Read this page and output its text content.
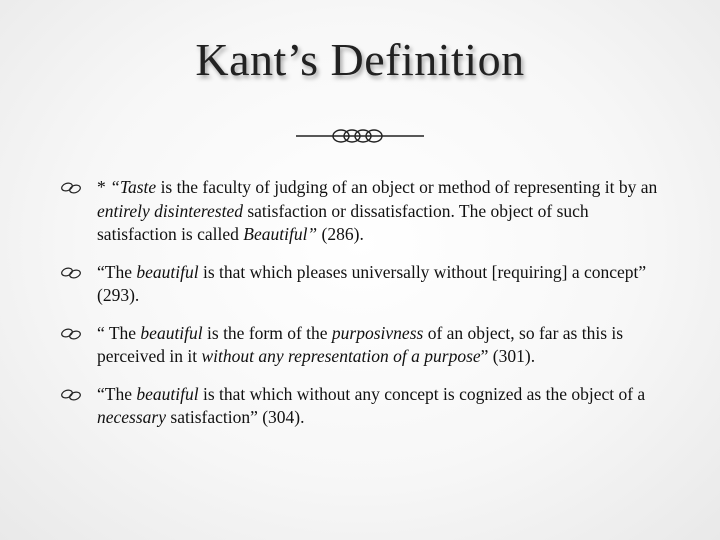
Kant’s Definition
* “Taste is the faculty of judging of an object or method of representing it by an entirely disinterested satisfaction or dissatisfaction. The object of such satisfaction is called Beautiful” (286).
“The beautiful is that which pleases universally without [requiring] a concept” (293).
“ The beautiful is the form of the purposivness of an object, so far as this is perceived in it without any representation of a purpose” (301).
“The beautiful is that which without any concept is cognized as the object of a necessary satisfaction” (304).
